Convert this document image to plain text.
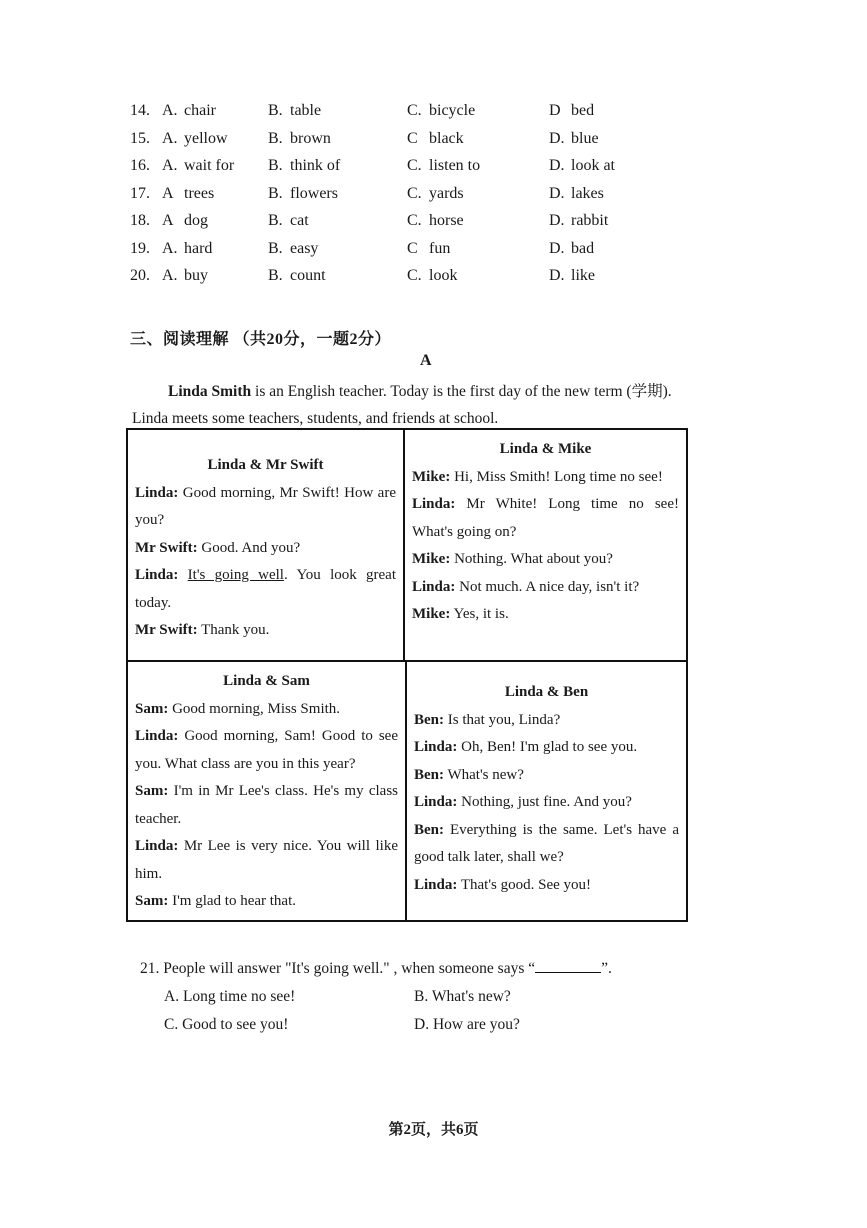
14. A. chair	B. table	C. bicycle	D bed
15. A. yellow	B. brown	C black	D. blue
16. A. wait for B. think of	C. listen to	D. look at
17. A trees	B. flowers	C. yards	D. lakes
18. A dog	B. cat	C. horse	D. rabbit
19. A. hard	B. easy	C fun	D. bad
20. A. buy	B. count	C. look	D. like
三、阅读理解 （共20分，一题2分）
A
Linda Smith is an English teacher. Today is the first day of the new term (学期).
Linda meets some teachers, students, and friends at school.
Linda & Mr Swift

Linda: Good morning, Mr Swift! How are you?

Mr Swift: Good. And you?

Linda: It's going well. You look great today.

Mr Swift: Thank you.

Linda & Mike

Mike: Hi, Miss Smith! Long time no see!

Linda: Mr White! Long time no see! What's going on?

Mike: Nothing. What about you?

Linda: Not much. A nice day, isn't it?

Mike: Yes, it is.

Linda & Sam

Sam: Good morning, Miss Smith.

Linda: Good morning, Sam! Good to see you. What class are you in this year?

Sam: I'm in Mr Lee's class. He's my class teacher.

Linda: Mr Lee is very nice. You will like him.

Sam: I'm glad to hear that.

Linda & Ben

Ben: Is that you, Linda?

Linda: Oh, Ben! I'm glad to see you.

Ben: What's new?

Linda: Nothing, just fine. And you?

Ben: Everything is the same. Let's have a good talk later, shall we?

Linda: That's good. See you!

21. People will answer "It's going well." , when someone says “	”.
A. Long time no see!	B. What's new?
C. Good to see you!	D. How are you?
第2页，共6页
